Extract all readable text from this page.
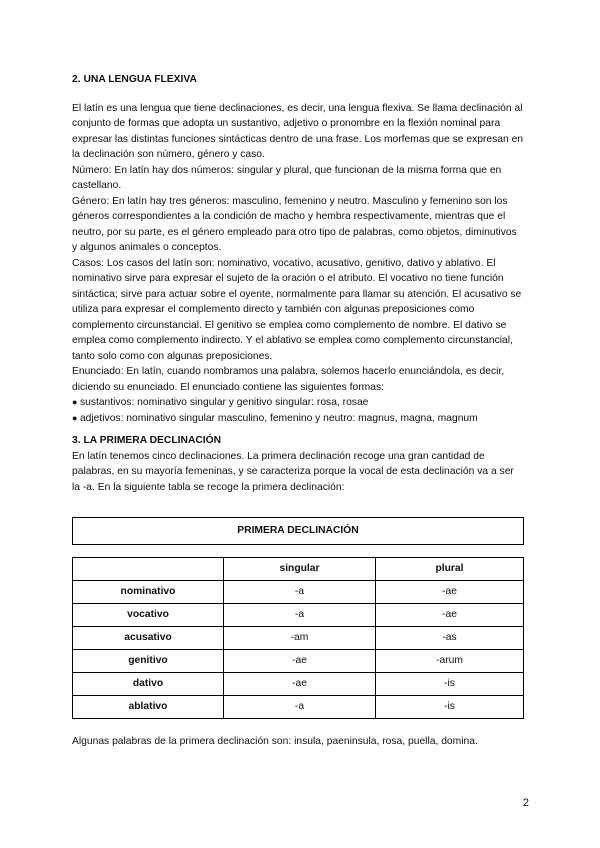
2. UNA LENGUA FLEXIVA

El latín es una lengua que tiene declinaciones, es decir, una lengua flexiva. Se llama declinación al conjunto de formas que adopta un sustantivo, adjetivo o pronombre en la flexión nominal para expresar las distintas funciones sintácticas dentro de una frase. Los morfemas que se expresan en la declinación son número, género y caso.

Número: En latín hay dos números: singular y plural, que funcionan de la misma forma que en castellano.

Género: En latín hay tres géneros: masculino, femenino y neutro. Masculino y femenino son los géneros correspondientes a la condición de macho y hembra respectivamente, mientras que el neutro, por su parte, es el género empleado para otro tipo de palabras, como objetos, diminutivos y algunos animales o conceptos.

Casos: Los casos del latín son: nominativo, vocativo, acusativo, genitivo, dativo y ablativo. El nominativo sirve para expresar el sujeto de la oración o el atributo. El vocativo no tiene función sintáctica; sirve para actuar sobre el oyente, normalmente para llamar su atención. El acusativo se utiliza para expresar el complemento directo y también con algunas preposiciones como complemento circunstancial. El genitivo se emplea como complemento de nombre. El dativo se emplea como complemento indirecto. Y el ablativo se emplea como complemento circunstancial, tanto solo como con algunas preposiciones.

Enunciado: En latín, cuando nombramos una palabra, solemos hacerlo enunciándola, es decir, diciendo su enunciado. El enunciado contiene las siguientes formas:

● sustantivos: nominativo singular y genitivo singular: rosa, rosae

● adjetivos: nominativo singular masculino, femenino y neutro: magnus, magna, magnum

3. LA PRIMERA DECLINACIÓN

En latín tenemos cinco declinaciones. La primera declinación recoge una gran cantidad de palabras, en su mayoría femeninas, y se caracteriza porque la vocal de esta declinación va a ser la -a. En la siguiente tabla se recoge la primera declinación:

PRIMERA DECLINACIÓN
	singular	plural
nominativo	-a	-ae
vocativo	-a	-ae
acusativo	-am	-as
genitivo	-ae	-arum
dativo	-ae	-is
ablativo	-a	-is

Algunas palabras de la primera declinación son: insula, paeninsula, rosa, puella, domina.

2
